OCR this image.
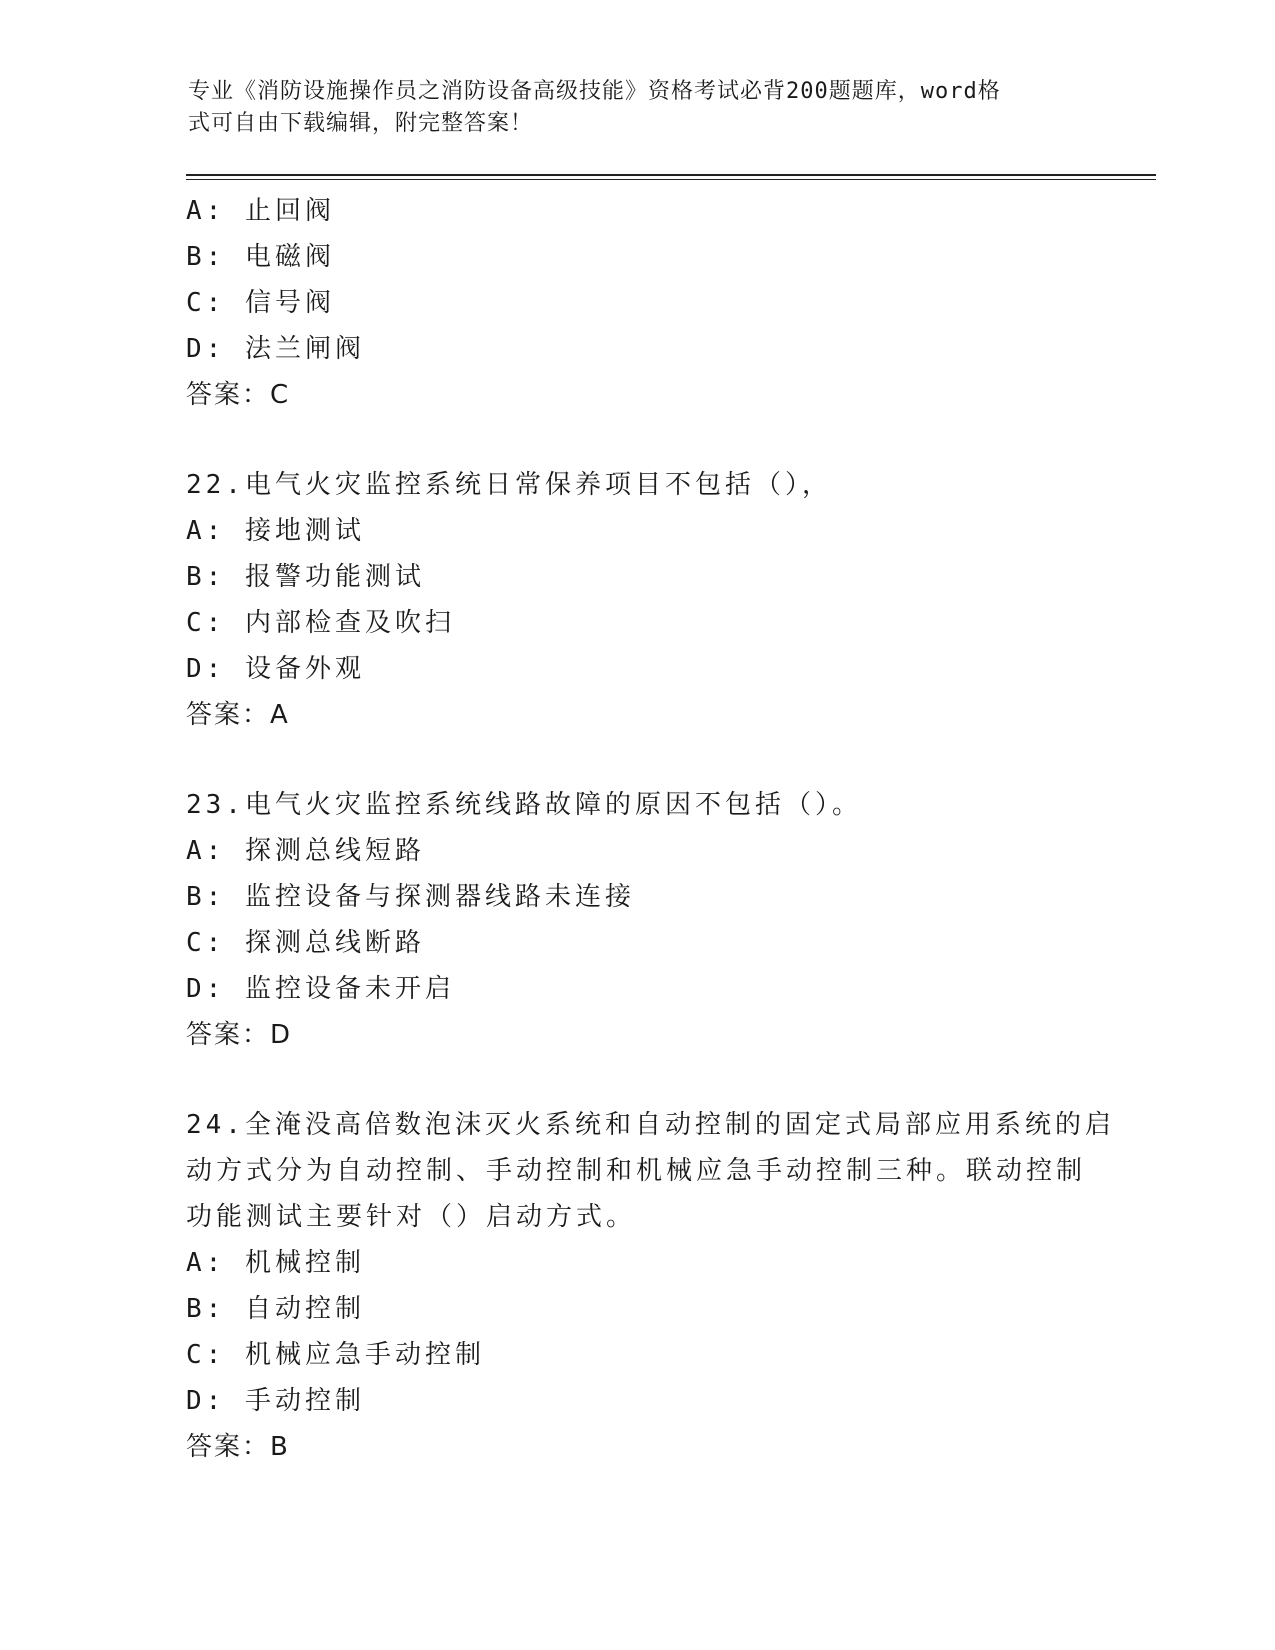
专业《消防设施操作员之消防设备高级技能》资格考试必背200题题库，word格
式可自由下载编辑，附完整答案！
A: 止回阀
B: 电磁阀
C: 信号阀
D: 法兰闸阀
答案：C
22.电气火灾监控系统日常保养项目不包括（），
A: 接地测试
B: 报警功能测试
C: 内部检查及吹扫
D: 设备外观
答案：A
23.电气火灾监控系统线路故障的原因不包括（）。
A: 探测总线短路
B: 监控设备与探测器线路未连接
C: 探测总线断路
D: 监控设备未开启
答案：D
24.全淹没高倍数泡沫灭火系统和自动控制的固定式局部应用系统的启
动方式分为自动控制、手动控制和机械应急手动控制三种。联动控制
功能测试主要针对（）启动方式。
A: 机械控制
B: 自动控制
C: 机械应急手动控制
D: 手动控制
答案：B
